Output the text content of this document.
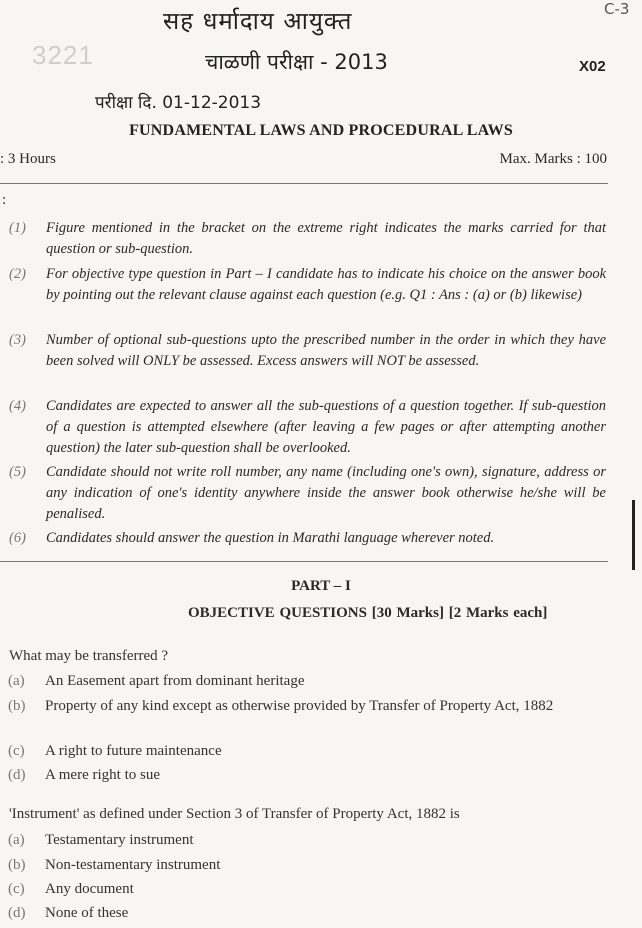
सह धर्मादाय आयुक्त
चाळणी परीक्षा - 2013
परीक्षा दि. 01-12-2013
C-3
3221	X02
FUNDAMENTAL LAWS AND PROCEDURAL LAWS
: 3 Hours	Max. Marks : 100
:
(1) Figure mentioned in the bracket on the extreme right indicates the marks carried for that question or sub-question.
(2) For objective type question in Part – I candidate has to indicate his choice on the answer book by pointing out the relevant clause against each question (e.g. Q1 : Ans : (a) or (b) likewise)
(3) Number of optional sub-questions upto the prescribed number in the order in which they have been solved will ONLY be assessed. Excess answers will NOT be assessed.
(4) Candidates are expected to answer all the sub-questions of a question together. If sub-question of a question is attempted elsewhere (after leaving a few pages or after attempting another question) the later sub-question shall be overlooked.
(5) Candidate should not write roll number, any name (including one's own), signature, address or any indication of one's identity anywhere inside the answer book otherwise he/she will be penalised.
(6) Candidates should answer the question in Marathi language wherever noted.
PART – I
OBJECTIVE QUESTIONS [30 Marks] [2 Marks each]
What may be transferred ?
(a) An Easement apart from dominant heritage
(b) Property of any kind except as otherwise provided by Transfer of Property Act, 1882
(c) A right to future maintenance
(d) A mere right to sue
'Instrument' as defined under Section 3 of Transfer of Property Act, 1882 is
(a) Testamentary instrument
(b) Non-testamentary instrument
(c) Any document
(d) None of these
